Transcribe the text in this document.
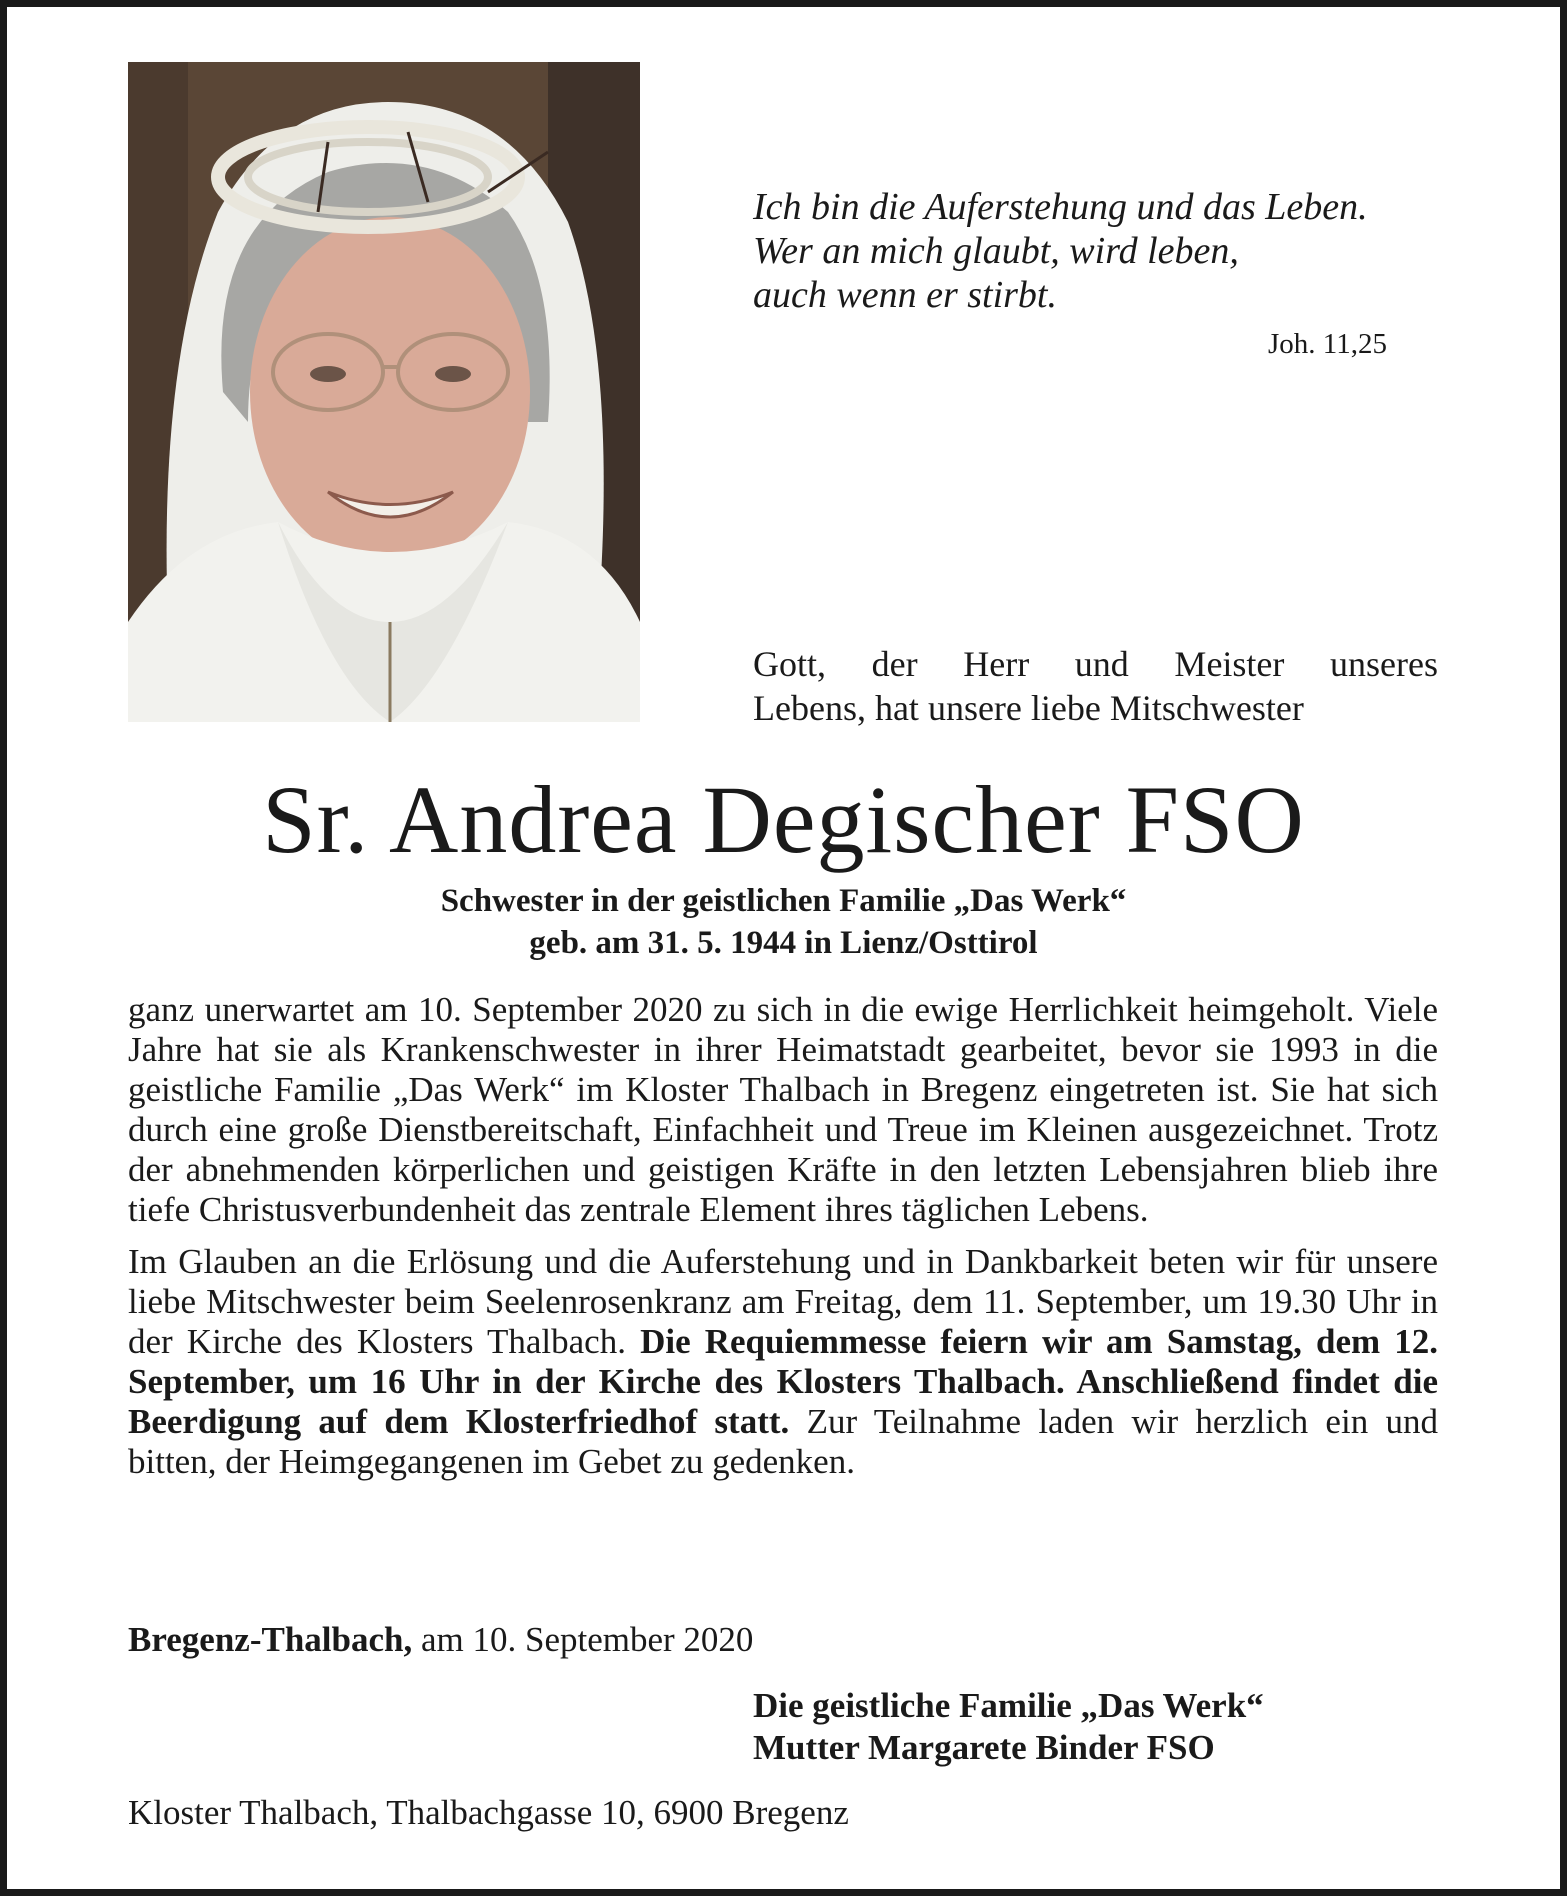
Ich bin die Auferstehung und das Leben.
Wer an mich glaubt, wird leben,
auch wenn er stirbt.
Joh. 11,25
Gott, der Herr und Meister unseres
Lebens, hat unsere liebe Mitschwester
Sr. Andrea Degischer FSO
Schwester in der geistlichen Familie „Das Werk“
geb. am 31. 5. 1944 in Lienz/Osttirol

ganz unerwartet am 10. September 2020 zu sich in die ewige Herrlichkeit heimgeholt. Viele Jahre hat sie als Krankenschwester in ihrer Heimatstadt gearbeitet, bevor sie 1993 in die geistliche Familie „Das Werk“ im Kloster Thalbach in Bregenz eingetreten ist. Sie hat sich durch eine große Dienstbereitschaft, Einfachheit und Treue im Kleinen ausgezeichnet. Trotz der abnehmenden körperlichen und geistigen Kräfte in den letzten Lebensjahren blieb ihre tiefe Christusverbundenheit das zentrale Element ihres täglichen Lebens.

Im Glauben an die Erlösung und die Auferstehung und in Dankbarkeit beten wir für unsere liebe Mitschwester beim Seelenrosenkranz am Freitag, dem 11. September, um 19.30 Uhr in der Kirche des Klosters Thalbach. Die Requiemmesse feiern wir am Samstag, dem 12. September, um 16 Uhr in der Kirche des Klosters Thalbach. Anschließend findet die Beerdigung auf dem Klosterfriedhof statt. Zur Teilnahme laden wir herzlich ein und bitten, der Heimgegangenen im Gebet zu gedenken.

Bregenz-Thalbach, am 10. September 2020
Die geistliche Familie „Das Werk“
Mutter Margarete Binder FSO
Kloster Thalbach, Thalbachgasse 10, 6900 Bregenz
